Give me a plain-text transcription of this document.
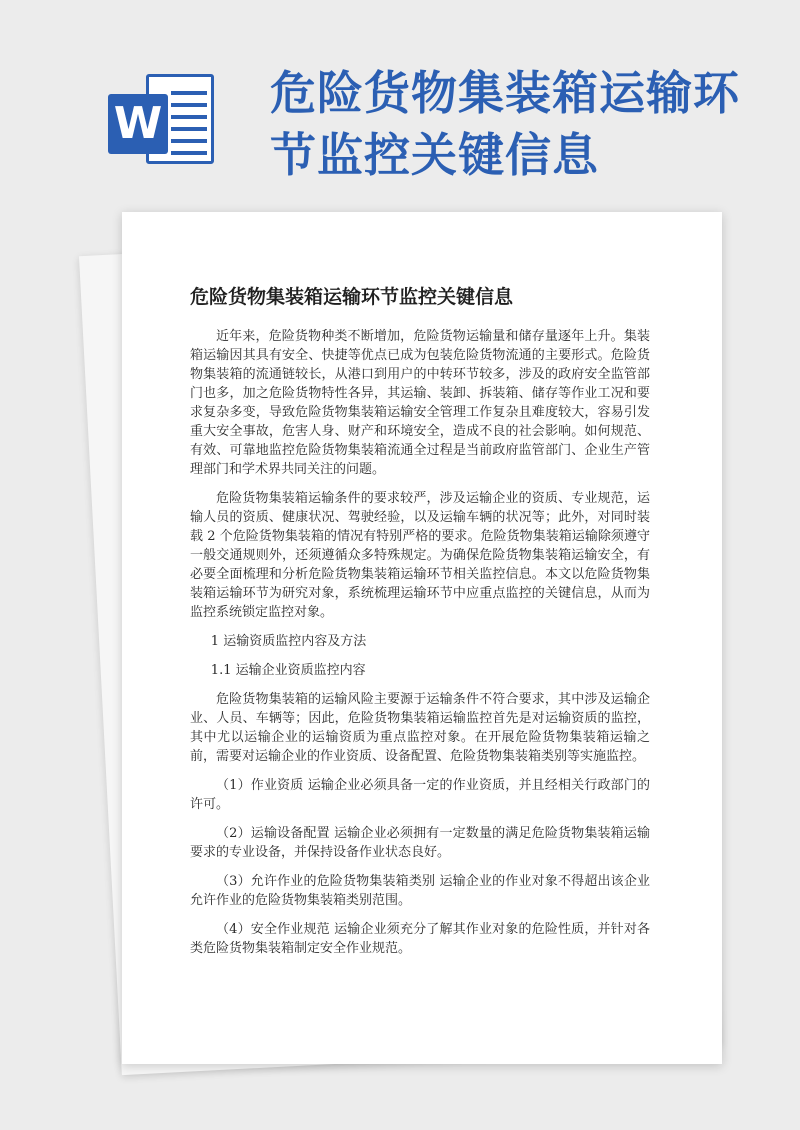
W
危险货物集装箱运输环节监控关键信息
危险货物集装箱运输环节监控关键信息

近年来，危险货物种类不断增加，危险货物运输量和储存量逐年上升。集装箱运输因其具有安全、快捷等优点已成为包装危险货物流通的主要形式。危险货物集装箱的流通链较长，从港口到用户的中转环节较多，涉及的政府安全监管部门也多，加之危险货物特性各异，其运输、装卸、拆装箱、储存等作业工况和要求复杂多变，导致危险货物集装箱运输安全管理工作复杂且难度较大，容易引发重大安全事故，危害人身、财产和环境安全，造成不良的社会影响。如何规范、有效、可靠地监控危险货物集装箱流通全过程是当前政府监管部门、企业生产管理部门和学术界共同关注的问题。

危险货物集装箱运输条件的要求较严，涉及运输企业的资质、专业规范，运输人员的资质、健康状况、驾驶经验，以及运输车辆的状况等；此外，对同时装载 2 个危险货物集装箱的情况有特别严格的要求。危险货物集装箱运输除须遵守一般交通规则外，还须遵循众多特殊规定。为确保危险货物集装箱运输安全，有必要全面梳理和分析危险货物集装箱运输环节相关监控信息。本文以危险货物集装箱运输环节为研究对象，系统梳理运输环节中应重点监控的关键信息，从而为监控系统锁定监控对象。

1 运输资质监控内容及方法

1.1 运输企业资质监控内容

危险货物集装箱的运输风险主要源于运输条件不符合要求，其中涉及运输企业、人员、车辆等；因此，危险货物集装箱运输监控首先是对运输资质的监控，其中尤以运输企业的运输资质为重点监控对象。在开展危险货物集装箱运输之前，需要对运输企业的作业资质、设备配置、危险货物集装箱类别等实施监控。

（1）作业资质 运输企业必须具备一定的作业资质，并且经相关行政部门的许可。

（2）运输设备配置 运输企业必须拥有一定数量的满足危险货物集装箱运输要求的专业设备，并保持设备作业状态良好。

（3）允许作业的危险货物集装箱类别 运输企业的作业对象不得超出该企业允许作业的危险货物集装箱类别范围。

（4）安全作业规范 运输企业须充分了解其作业对象的危险性质，并针对各类危险货物集装箱制定安全作业规范。
